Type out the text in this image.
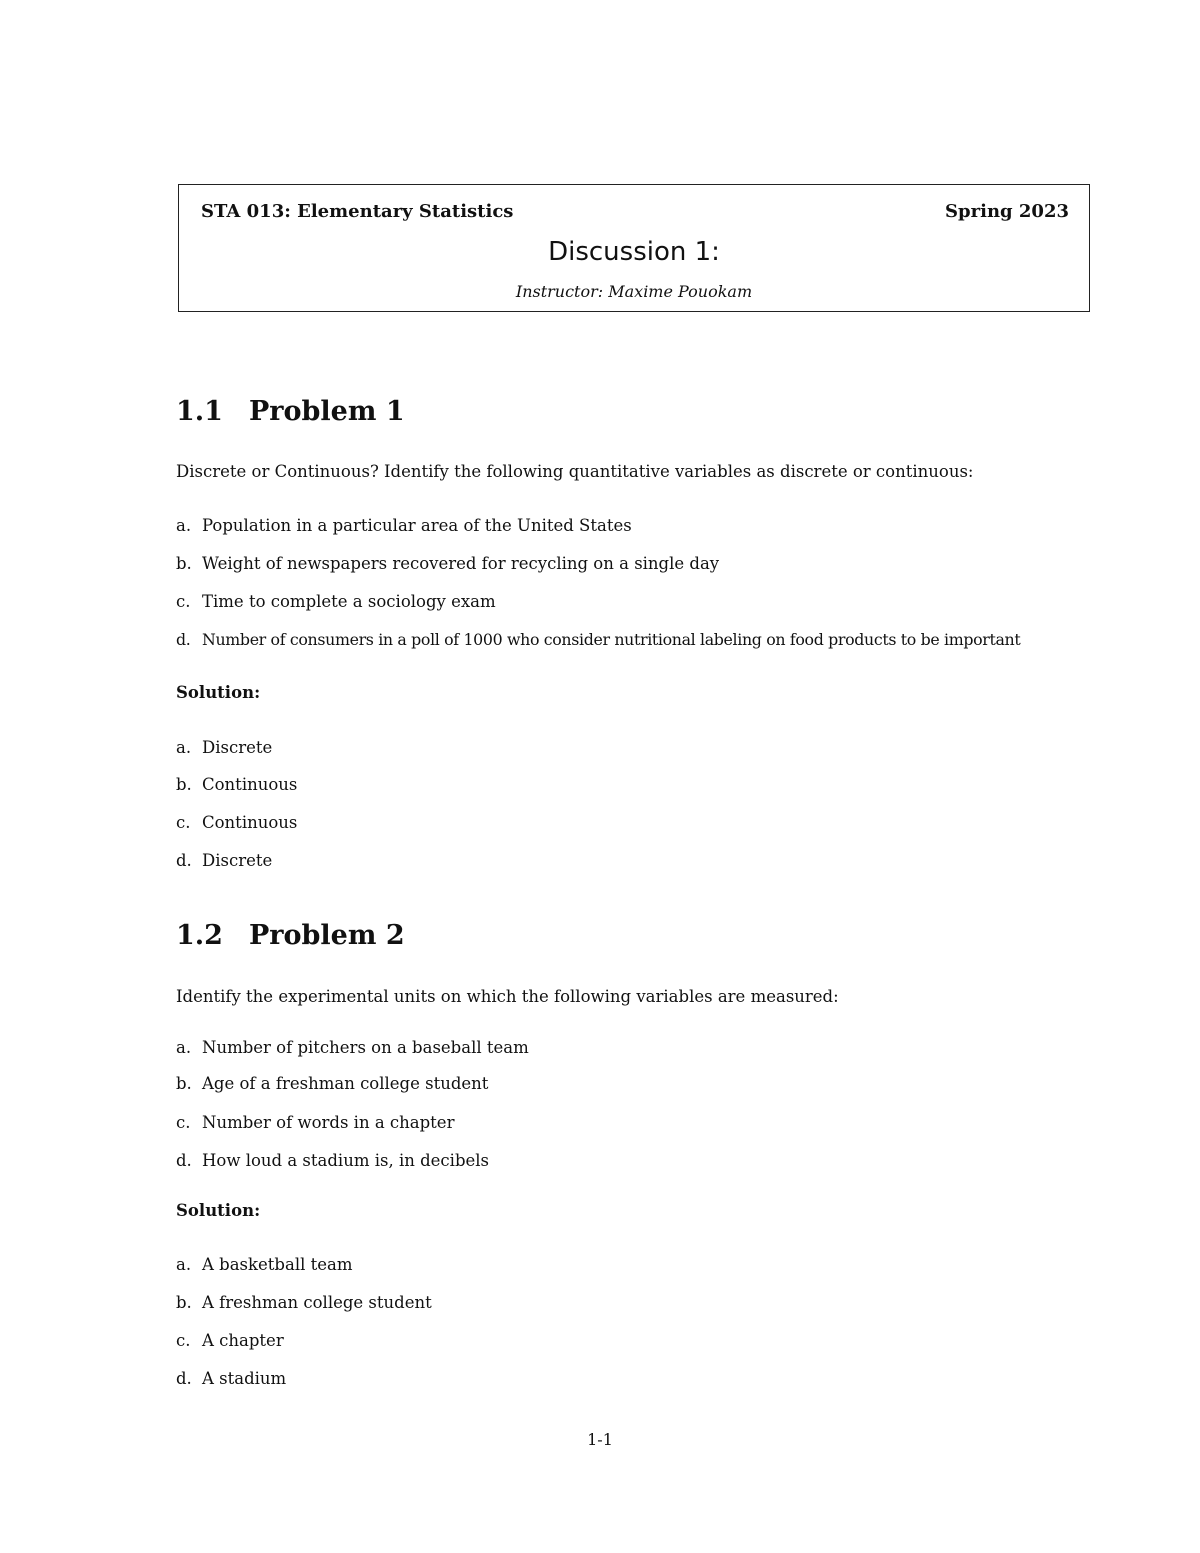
STA 013: Elementary Statistics	Spring 2023
Discussion 1:
Instructor: Maxime Pouokam
1.1 Problem 1
Discrete or Continuous? Identify the following quantitative variables as discrete or continuous:
a. Population in a particular area of the United States
b. Weight of newspapers recovered for recycling on a single day
c. Time to complete a sociology exam
d. Number of consumers in a poll of 1000 who consider nutritional labeling on food products to be important
Solution:
a. Discrete
b. Continuous
c. Continuous
d. Discrete
1.2 Problem 2
Identify the experimental units on which the following variables are measured:
a. Number of pitchers on a baseball team
b. Age of a freshman college student
c. Number of words in a chapter
d. How loud a stadium is, in decibels
Solution:
a. A basketball team
b. A freshman college student
c. A chapter
d. A stadium
1-1
